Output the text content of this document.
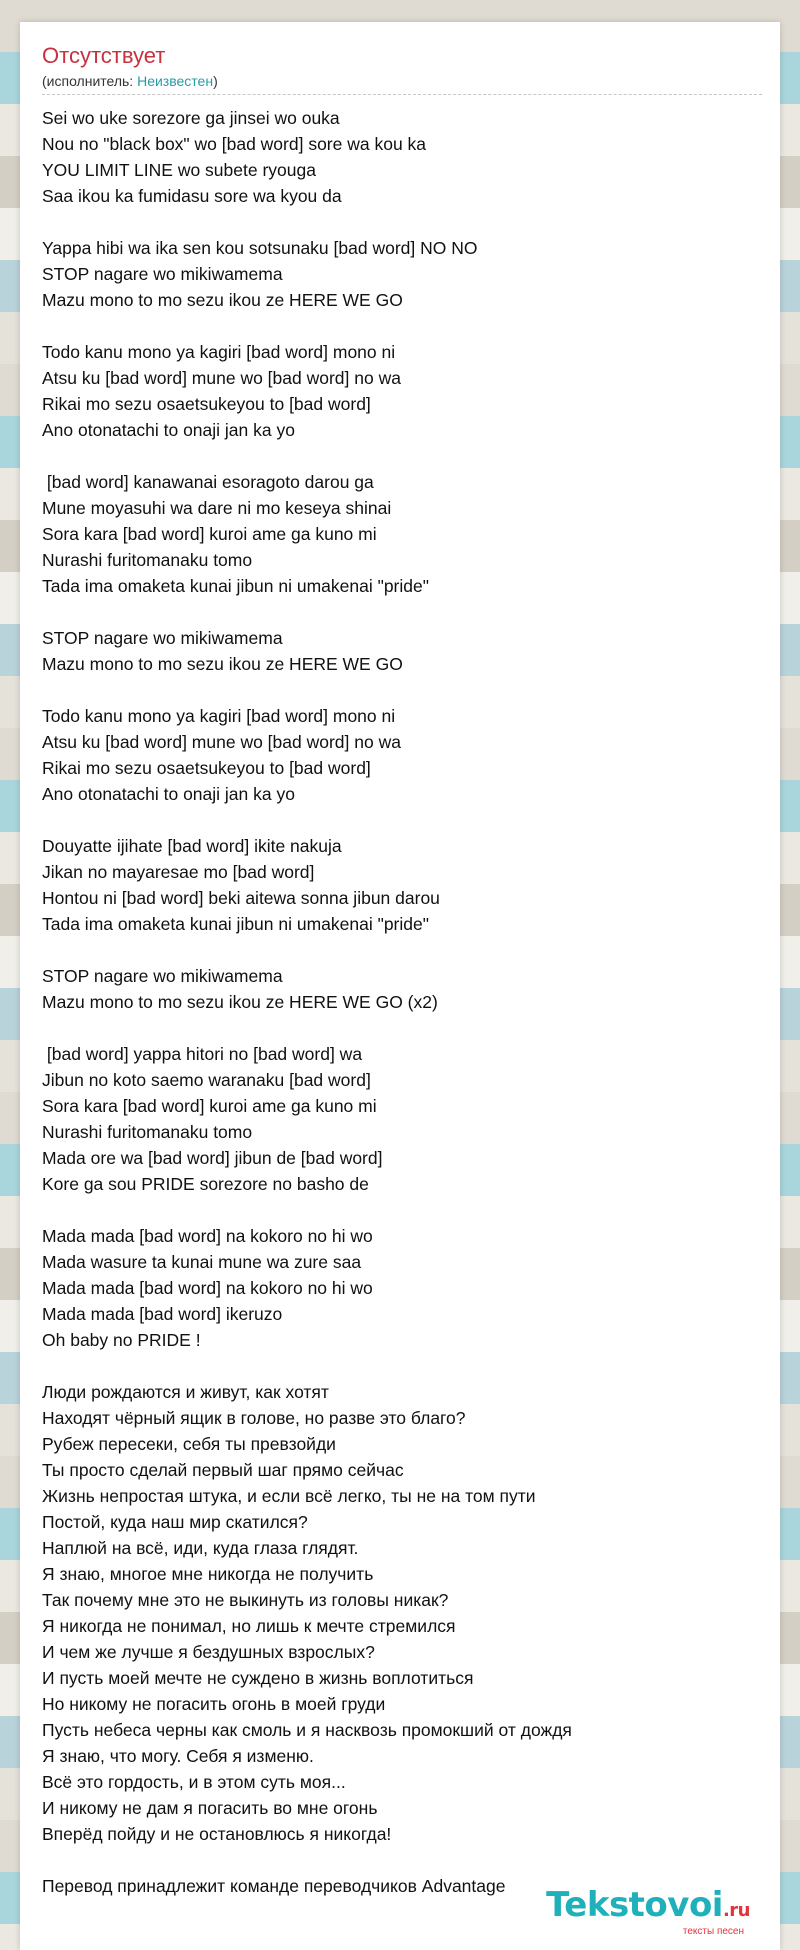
Отсутствует
(исполнитель: Неизвестен)
Sei wo uke sorezore ga jinsei wo ouka
Nou no "black box" wo [bad word] sore wa kou ka
YOU LIMIT LINE wo subete ryouga
Saa ikou ka fumidasu sore wa kyou da
Yappa hibi wa ika sen kou sotsunaku [bad word] NO NO
STOP nagare wo mikiwamema
Mazu mono to mo sezu ikou ze HERE WE GO
Todo kanu mono ya kagiri [bad word] mono ni
Atsu ku [bad word] mune wo [bad word] no wa
Rikai mo sezu osaetsukeyou to [bad word]
Ano otonatachi to onaji jan ka yo
[bad word] kanawanai esoragoto darou ga
Mune moyasuhi wa dare ni mo keseya shinai
Sora kara [bad word] kuroi ame ga kuno mi
Nurashi furitomanaku tomo
Tada ima omaketa kunai jibun ni umakenai "pride"
STOP nagare wo mikiwamema
Mazu mono to mo sezu ikou ze HERE WE GO
Todo kanu mono ya kagiri [bad word] mono ni
Atsu ku [bad word] mune wo [bad word] no wa
Rikai mo sezu osaetsukeyou to [bad word]
Ano otonatachi to onaji jan ka yo
Douyatte ijihate [bad word] ikite nakuja
Jikan no mayaresae mo [bad word]
Hontou ni [bad word] beki aitewa sonna jibun darou
Tada ima omaketa kunai jibun ni umakenai "pride"
STOP nagare wo mikiwamema
Mazu mono to mo sezu ikou ze HERE WE GO (x2)
[bad word] yappa hitori no [bad word] wa
Jibun no koto saemo waranaku [bad word]
Sora kara [bad word] kuroi ame ga kuno mi
Nurashi furitomanaku tomo
Mada ore wa [bad word] jibun de [bad word]
Kore ga sou PRIDE sorezore no basho de
Mada mada [bad word] na kokoro no hi wo
Mada wasure ta kunai mune wa zure saa
Mada mada [bad word] na kokoro no hi wo
Mada mada [bad word] ikeruzo
Oh baby no PRIDE !
Люди рождаются и живут, как хотят
Находят чёрный ящик в голове, но разве это благо?
Рубеж пересеки, себя ты превзойди
Ты просто сделай первый шаг прямо сейчас
Жизнь непростая штука, и если всё легко, ты не на том пути
Постой, куда наш мир скатился?
Наплюй на всё, иди, куда глаза глядят.
Я знаю, многое мне никогда не получить
Так почему мне это не выкинуть из головы никак?
Я никогда не понимал, но лишь к мечте стремился
И чем же лучше я бездушных взрослых?
И пусть моей мечте не суждено в жизнь воплотиться
Но никому не погасить огонь в моей груди
Пусть небеса черны как смоль и я насквозь промокший от дождя
Я знаю, что могу. Себя я изменю.
Всё это гордость, и в этом суть моя...
И никому не дам я погасить во мне огонь
Вперёд пойду и не остановлюсь я никогда!
Перевод принадлежит команде переводчиков Advantage	Tekstovoi.ru
тексты песен
